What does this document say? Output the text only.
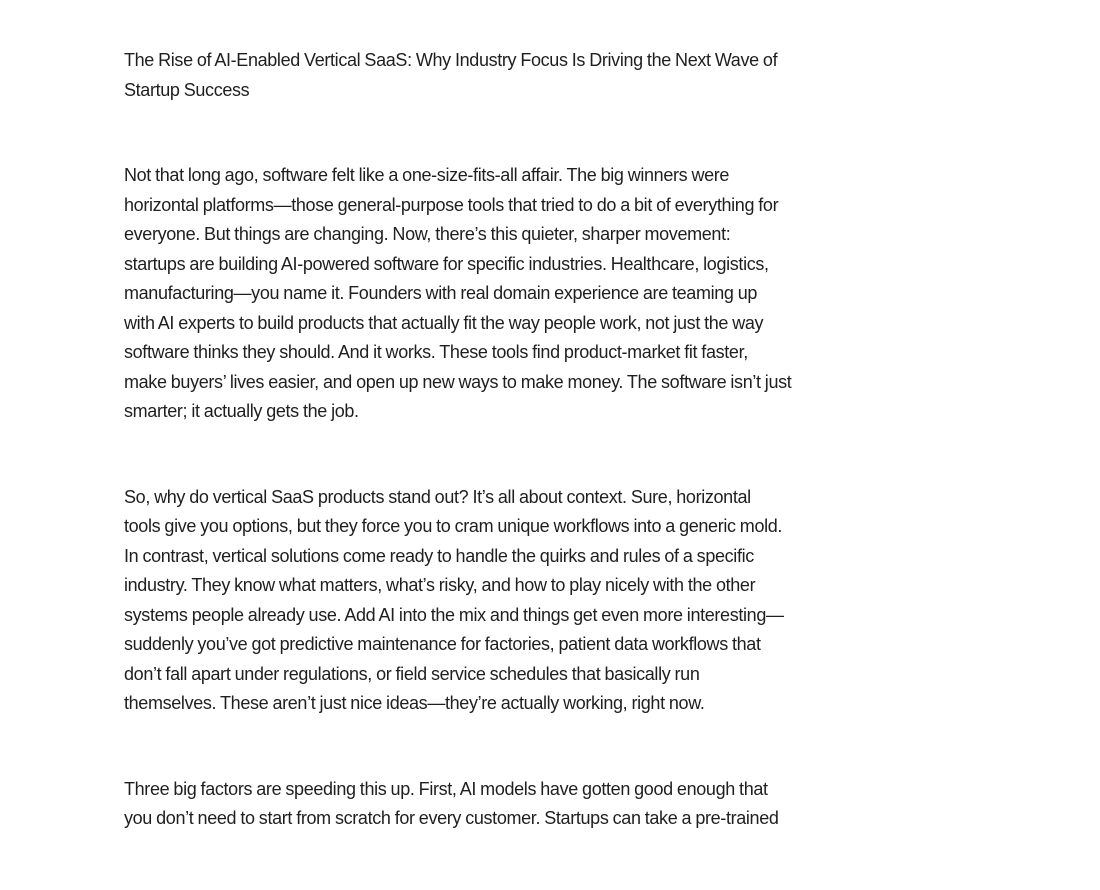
The Rise of AI-Enabled Vertical SaaS: Why Industry Focus Is Driving the Next Wave of
Startup Success
Not that long ago, software felt like a one-size-fits-all affair. The big winners were
horizontal platforms—those general-purpose tools that tried to do a bit of everything for
everyone. But things are changing. Now, there’s this quieter, sharper movement:
startups are building AI-powered software for specific industries. Healthcare, logistics,
manufacturing—you name it. Founders with real domain experience are teaming up
with AI experts to build products that actually fit the way people work, not just the way
software thinks they should. And it works. These tools find product-market fit faster,
make buyers’ lives easier, and open up new ways to make money. The software isn’t just
smarter; it actually gets the job.
So, why do vertical SaaS products stand out? It’s all about context. Sure, horizontal
tools give you options, but they force you to cram unique workflows into a generic mold.
In contrast, vertical solutions come ready to handle the quirks and rules of a specific
industry. They know what matters, what’s risky, and how to play nicely with the other
systems people already use. Add AI into the mix and things get even more interesting—
suddenly you’ve got predictive maintenance for factories, patient data workflows that
don’t fall apart under regulations, or field service schedules that basically run
themselves. These aren’t just nice ideas—they’re actually working, right now.
Three big factors are speeding this up. First, AI models have gotten good enough that
you don’t need to start from scratch for every customer. Startups can take a pre-trained
